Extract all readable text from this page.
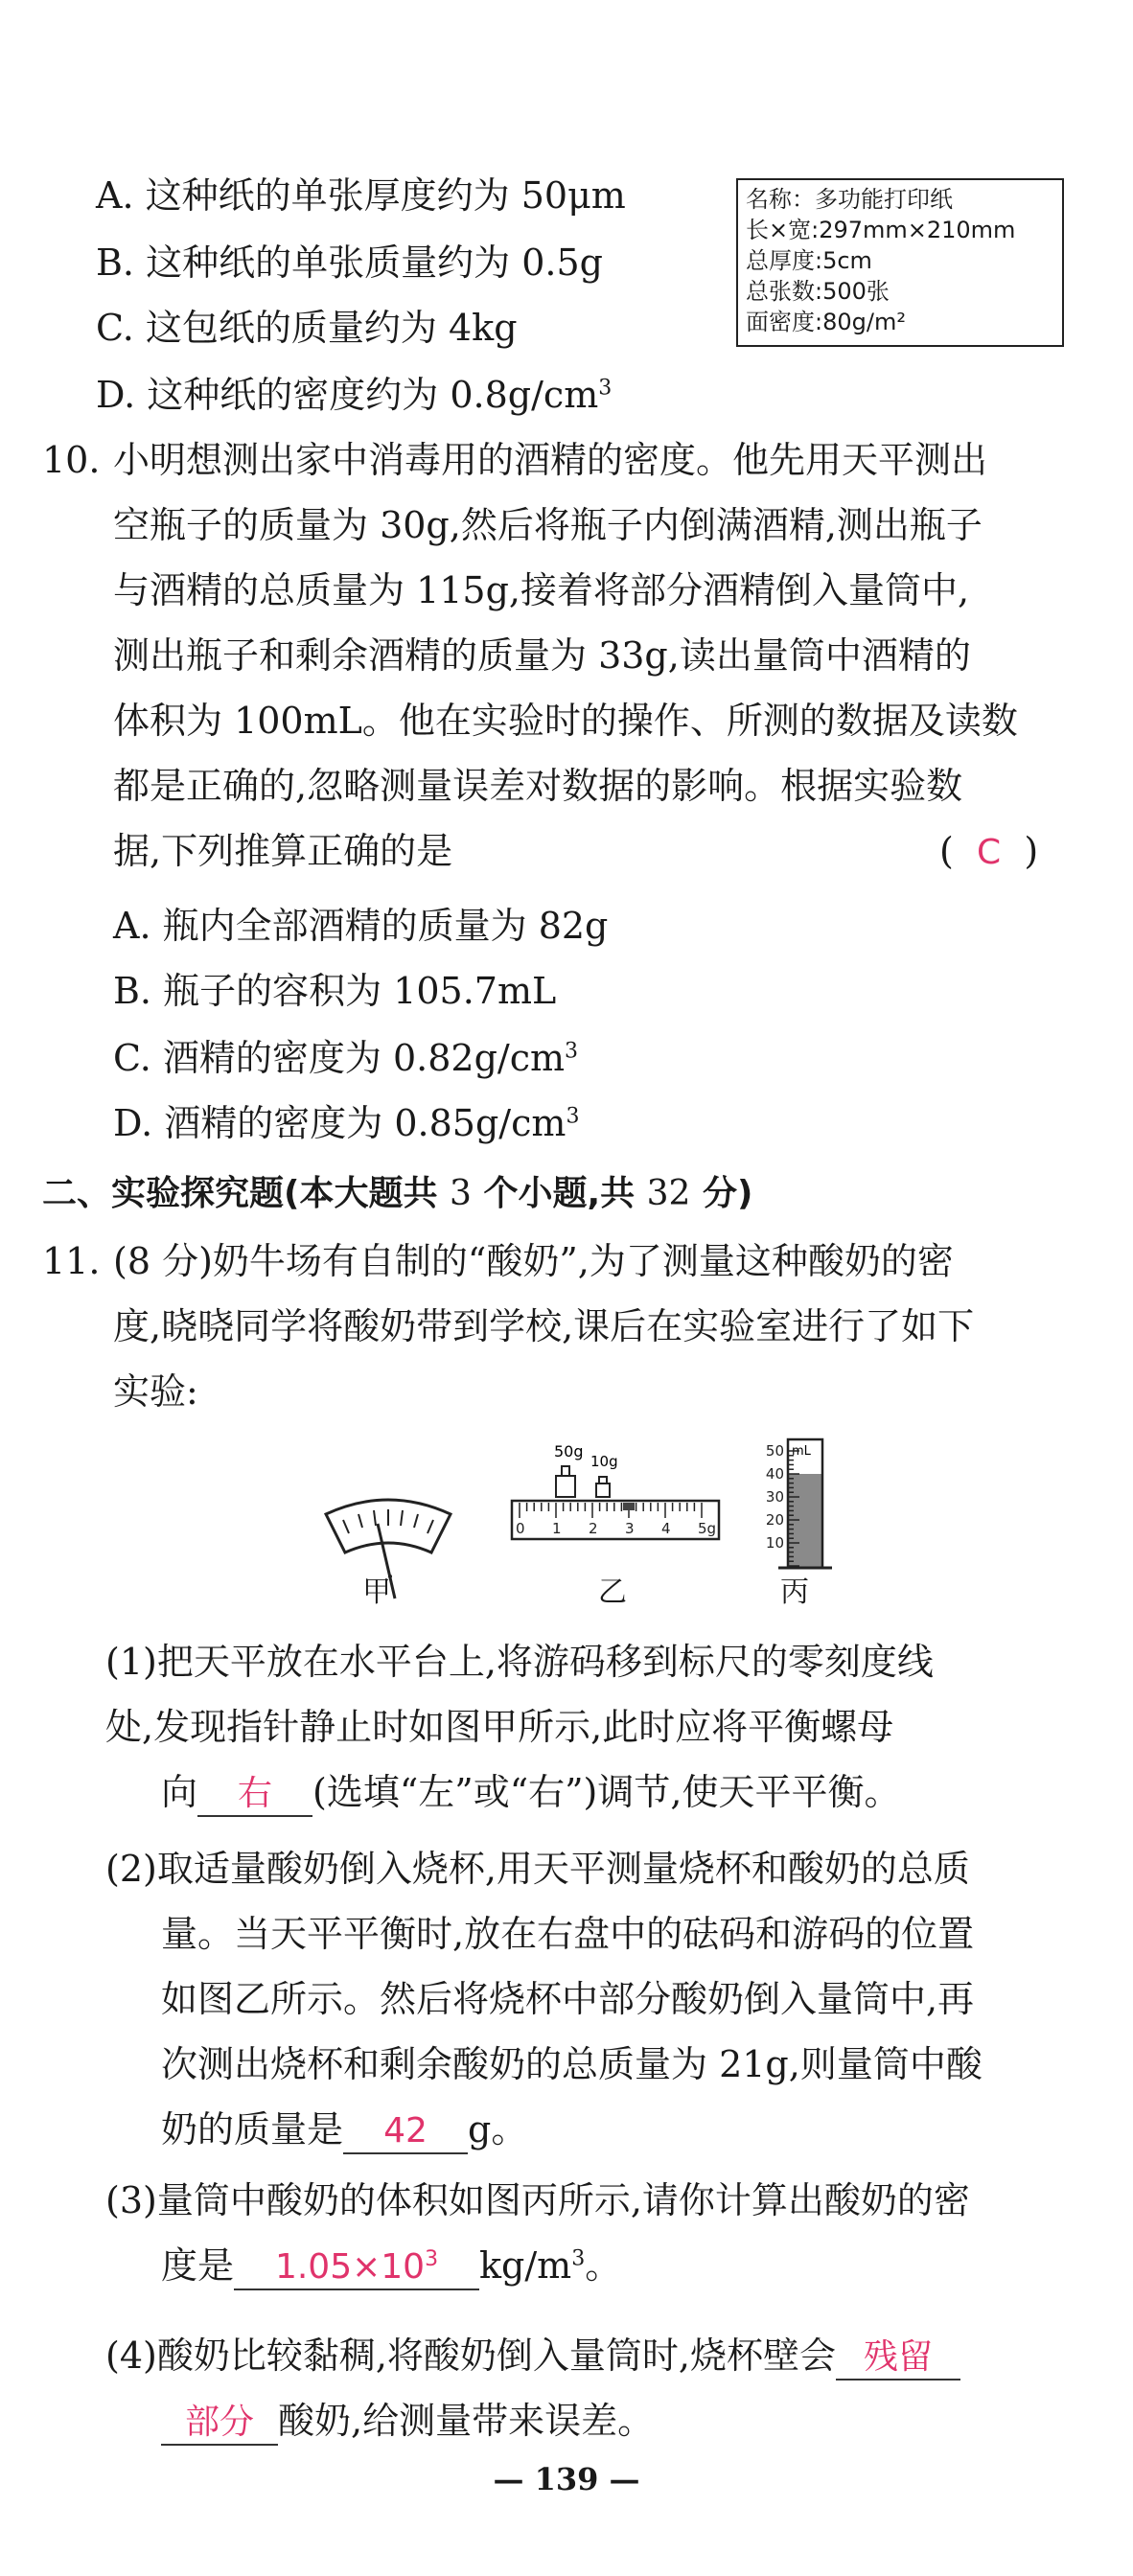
A. 这种纸的单张厚度约为 50μm
B. 这种纸的单张质量约为 0.5g
C. 这包纸的质量约为 4kg
D. 这种纸的密度约为 $0.8g/cm^3$
名称：多功能打印纸
长×宽:297mm×210mm
总厚度:5cm
总张数:500张
面密度:80g/m²
10. 小明想测出家中消毒用的酒精的密度。他先用天平测出
空瓶子的质量为 30g,然后将瓶子内倒满酒精,测出瓶子
与酒精的总质量为 115g,接着将部分酒精倒入量筒中,
测出瓶子和剩余酒精的质量为 33g,读出量筒中酒精的
体积为 100mL。他在实验时的操作、所测的数据及读数
都是正确的,忽略测量误差对数据的影响。根据实验数
据,下列推算正确的是	( C )
A. 瓶内全部酒精的质量为 82g
B. 瓶子的容积为 105.7mL
C. 酒精的密度为 $0.82g/cm^3$
D. 酒精的密度为 $0.85g/cm^3$
二、实验探究题(本大题共 3 个小题,共 32 分)
11. (8 分)奶牛场有自制的“酸奶”,为了测量这种酸奶的密
度,晓晓同学将酸奶带到学校,课后在实验室进行了如下
实验:
甲
50g
10g
0 1 2 3 4 5g
乙
mL
50
40
30
20
10
丙
(1)把天平放在水平台上,将游码移到标尺的零刻度线
处,发现指针静止时如图甲所示,此时应将平衡螺母
向 右 (选填“左”或“右”)调节,使天平平衡。
(2)取适量酸奶倒入烧杯,用天平测量烧杯和酸奶的总质
量。当天平平衡时,放在右盘中的砝码和游码的位置
如图乙所示。然后将烧杯中部分酸奶倒入量筒中,再
次测出烧杯和剩余酸奶的总质量为 21g,则量筒中酸
奶的质量是 42 g。
(3)量筒中酸奶的体积如图丙所示,请你计算出酸奶的密
度是 $1.05\times 10^3$ $kg/m^3$。
(4)酸奶比较黏稠,将酸奶倒入量筒时,烧杯壁会 残留
部分 酸奶,给测量带来误差。
— 139 —
